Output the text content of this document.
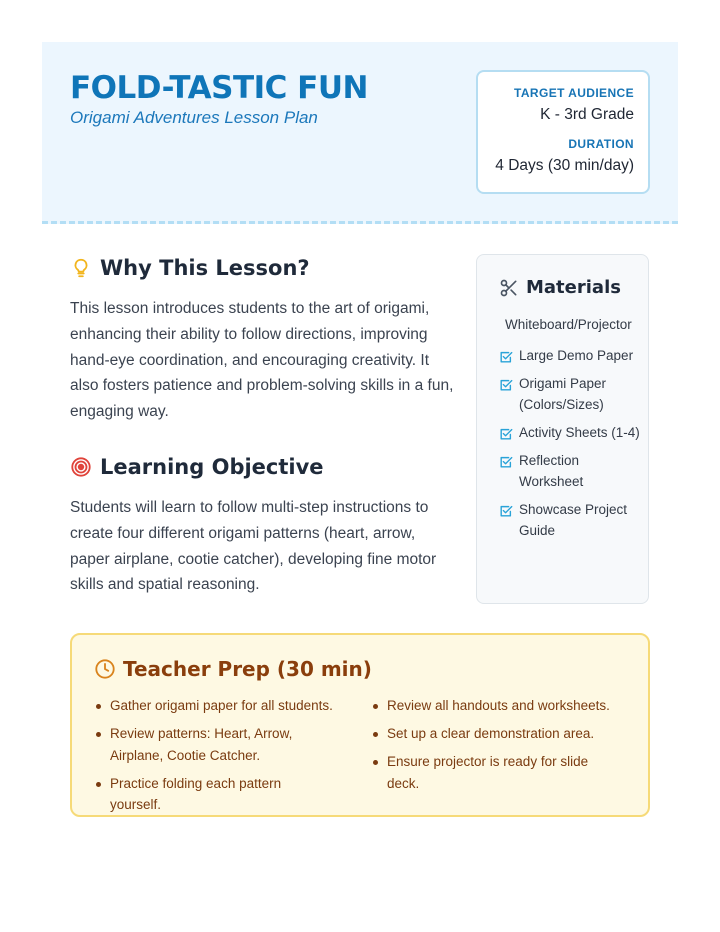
FOLD-TASTIC FUN
Origami Adventures Lesson Plan
TARGET AUDIENCE
K - 3rd Grade
DURATION
4 Days (30 min/day)
Why This Lesson?
This lesson introduces students to the art of origami, enhancing their ability to follow directions, improving hand-eye coordination, and encouraging creativity. It also fosters patience and problem-solving skills in a fun, engaging way.
Learning Objective
Students will learn to follow multi-step instructions to create four different origami patterns (heart, arrow, paper airplane, cootie catcher), developing fine motor skills and spatial reasoning.
Materials
Whiteboard/Projector
Large Demo Paper
Origami Paper (Colors/Sizes)
Activity Sheets (1-4)
Reflection Worksheet
Showcase Project Guide
Teacher Prep (30 min)
Gather origami paper for all students.
Review patterns: Heart, Arrow, Airplane, Cootie Catcher.
Practice folding each pattern yourself.
Review all handouts and worksheets.
Set up a clear demonstration area.
Ensure projector is ready for slide deck.
